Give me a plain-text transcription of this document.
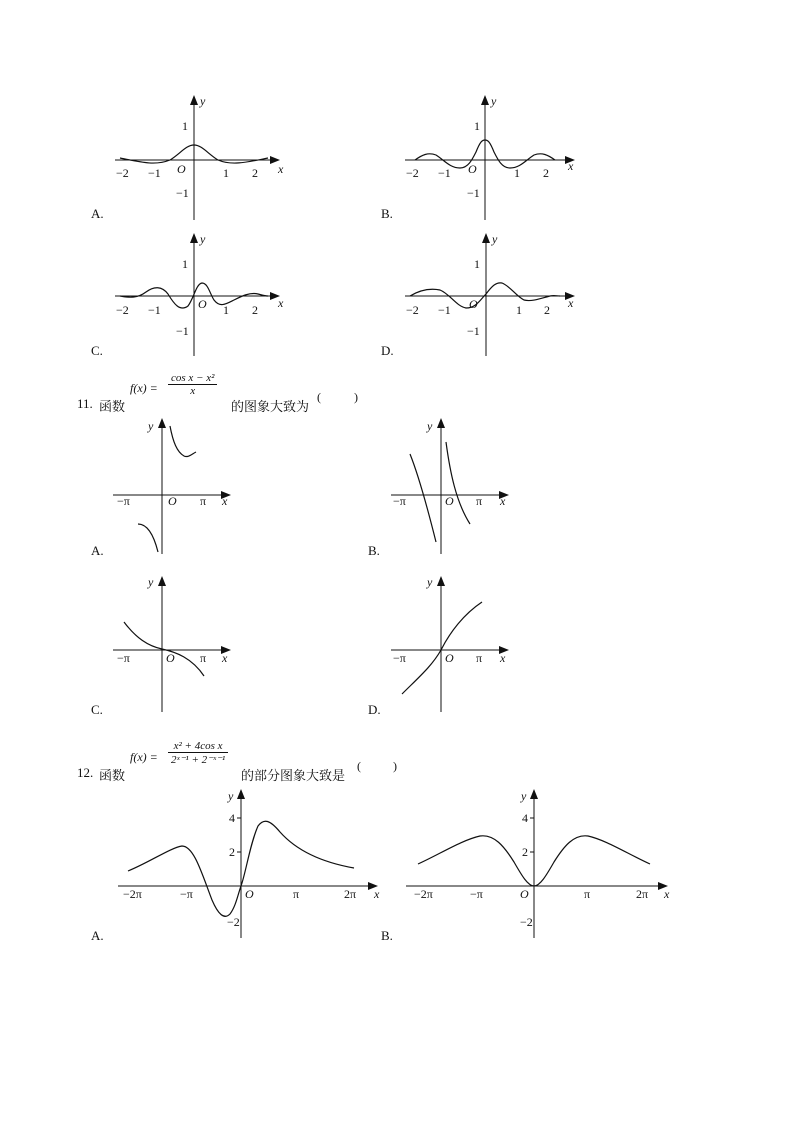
x
y
O
−2 −1	1 2
1
−1
A.
x
y
O
−2 −1	1 2
1
−1
B.
x
y
O
−2 −1	1 2
1
−1
C.
x
y
O
−2 −1	1 2
1
−1
D.
11. 函数
$f(x) = \frac{\text{cos x − x²}}{x}$
的图象大致为
(	)
x
y
O
−π	π
A.
x
y
O
−π	π
B.
x
y
O
−π	π
C.
x
y
O
−π	π
D.
12. 函数
$f(x) = \frac{\text{x² + 4cos x}}{\text{2ˣ⁻¹ + 2⁻ˣ⁻¹}}$
的部分图象大致是
(	)
x
y
O
−2π	−π	π	2π
4
2
−2
A.
x
y
O
−2π	−π	π	2π
4
2
−2
B.
